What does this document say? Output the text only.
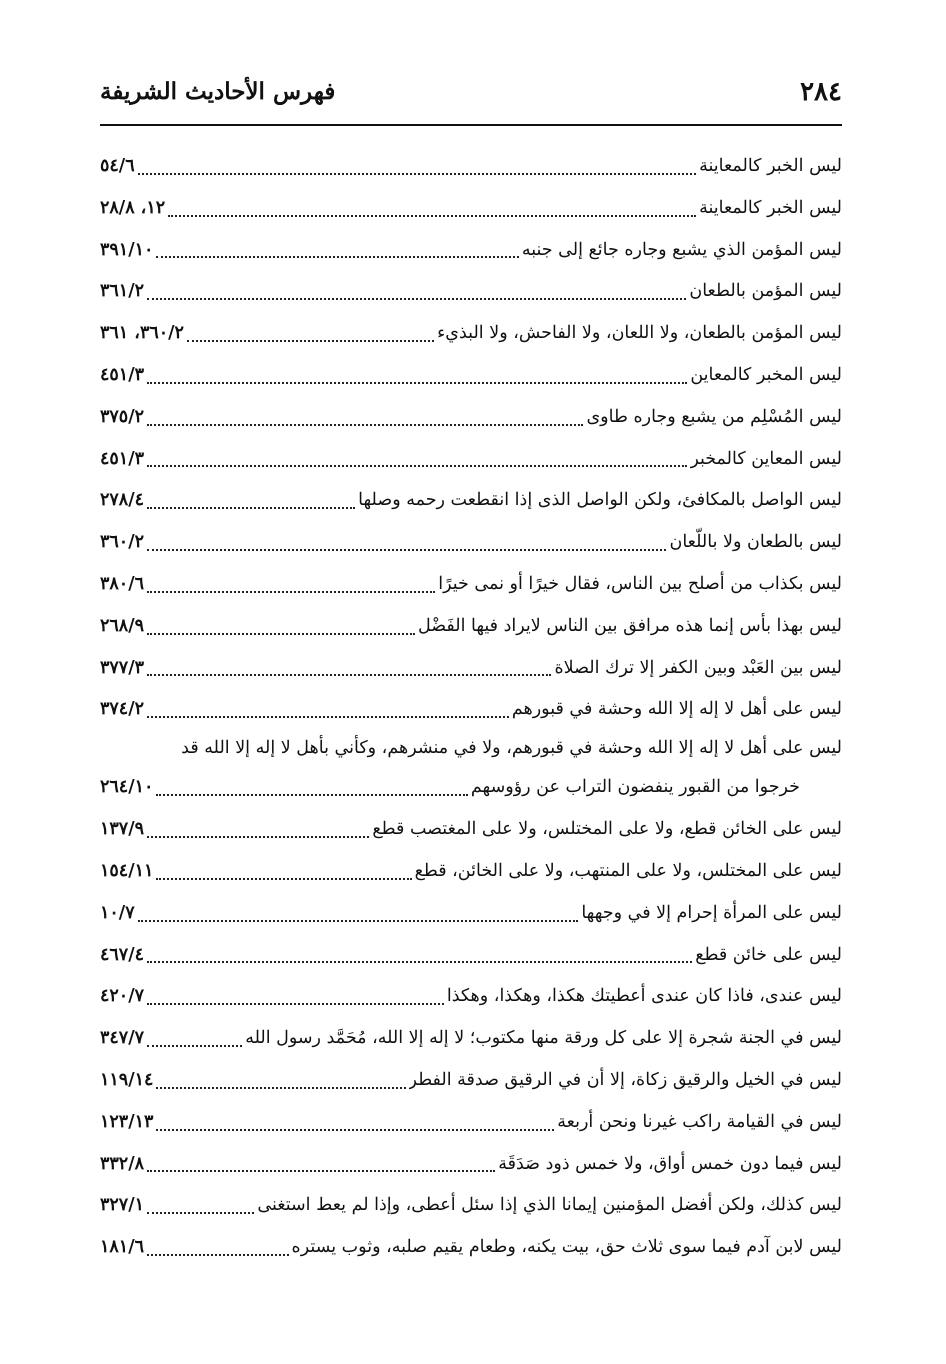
٢٨٤
فهرس الأحاديث الشريفة
ليس الخبر كالمعاينة
٥٤/٦
ليس الخبر كالمعاينة
١٢، ٢٨/٨
ليس المؤمن الذي يشبع وجاره جائع إلى جنبه
٣٩١/١٠
ليس المؤمن بالطعان
٣٦١/٢
ليس المؤمن بالطعان، ولا اللعان، ولا الفاحش، ولا البذيء
٣٦٠/٢، ٣٦١
ليس المخبر كالمعاين
٤٥١/٣
ليس المُسْلِم من يشبع وجاره طاوى
٣٧٥/٢
ليس المعاين كالمخبر
٤٥١/٣
ليس الواصل بالمكافئ، ولكن الواصل الذى إذا انقطعت رحمه وصلها
٢٧٨/٤
ليس بالطعان ولا باللّعان
٣٦٠/٢
ليس بكذاب من أصلح بين الناس، فقال خيرًا أو نمى خيرًا
٣٨٠/٦
ليس بهذا بأس إنما هذه مرافق بين الناس لايراد فيها الفَضْل
٢٦٨/٩
ليس بين العَبْد وبين الكفر إلا ترك الصلاة
٣٧٧/٣
ليس على أهل لا إله إلا الله وحشة في قبورهم
٣٧٤/٢
ليس على أهل لا إله إلا الله وحشة في قبورهم، ولا في منشرهم، وكأني بأهل لا إله إلا الله قد
خرجوا من القبور ينفضون التراب عن رؤوسهم
٢٦٤/١٠
ليس على الخائن قطع، ولا على المختلس، ولا على المغتصب قطع
١٣٧/٩
ليس على المختلس، ولا على المنتهب، ولا على الخائن، قطع
١٥٤/١١
ليس على المرأة إحرام إلا في وجهها
١٠/٧
ليس على خائن قطع
٤٦٧/٤
ليس عندى، فاذا كان عندى أعطيتك هكذا، وهكذا، وهكذا
٤٢٠/٧
ليس في الجنة شجرة إلا على كل ورقة منها مكتوب؛ لا إله إلا الله، مُحَمَّد رسول الله
٣٤٧/٧
ليس في الخيل والرقيق زكاة، إلا أن في الرقيق صدقة الفطر
١١٩/١٤
ليس في القيامة راكب غيرنا ونحن أربعة
١٢٣/١٣
ليس فيما دون خمس أواق، ولا خمس ذود صَدَقَة
٣٣٢/٨
ليس كذلك، ولكن أفضل المؤمنين إيمانا الذي إذا سئل أعطى، وإذا لم يعط استغنى
٣٢٧/١
ليس لابن آدم فيما سوى ثلاث حق، بيت يكنه، وطعام يقيم صلبه، وثوب يستره
١٨١/٦
